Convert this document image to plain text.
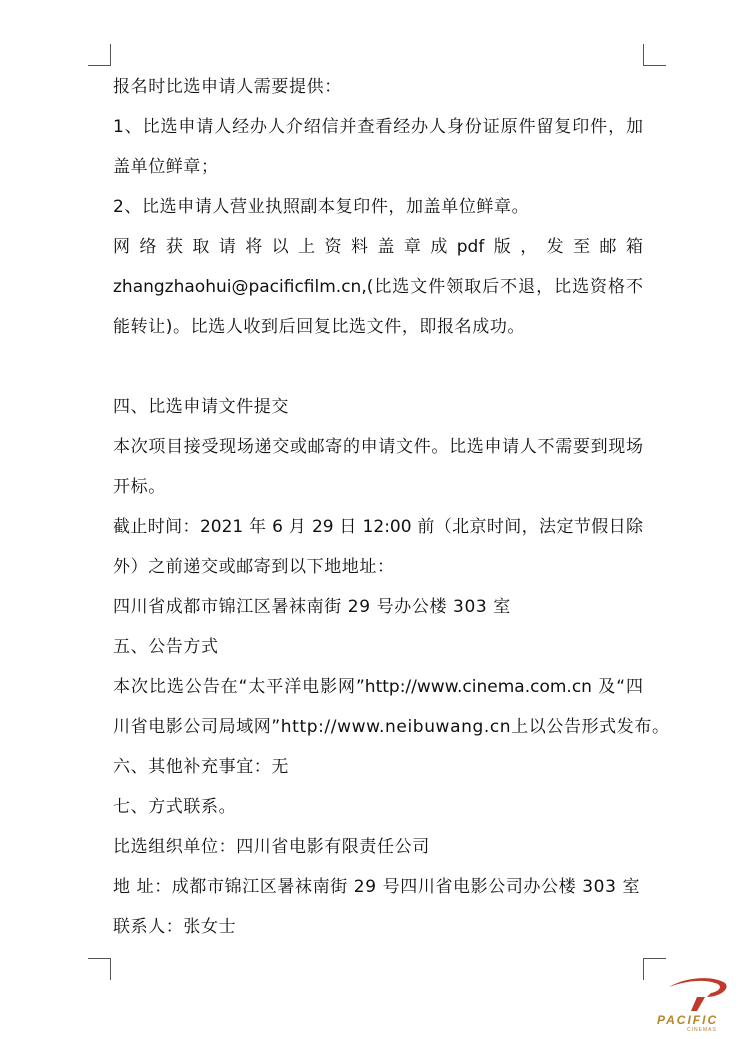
报名时比选申请人需要提供：
1、比选申请人经办人介绍信并查看经办人身份证原件留复印件，加
盖单位鲜章；
2、比选申请人营业执照副本复印件，加盖单位鲜章。
网络获取请将以上资料盖章成pdf版，发至邮箱
zhangzhaohui@pacificfilm.cn,(比选文件领取后不退，比选资格不
能转让)。比选人收到后回复比选文件，即报名成功。
四、比选申请文件提交
本次项目接受现场递交或邮寄的申请文件。比选申请人不需要到现场
开标。
截止时间：2021 年 6 月 29 日 12:00 前（北京时间，法定节假日除
外）之前递交或邮寄到以下地地址：
四川省成都市锦江区暑袜南街 29 号办公楼 303 室
五、公告方式
本次比选公告在“太平洋电影网”http://www.cinema.com.cn 及“四
川省电影公司局域网”http://www.neibuwang.cn上以公告形式发布。
六、其他补充事宜：无
七、方式联系。
比选组织单位：四川省电影有限责任公司
地 址：成都市锦江区暑袜南街 29 号四川省电影公司办公楼 303 室
联系人：张女士
PACIFIC
CINEMAS
